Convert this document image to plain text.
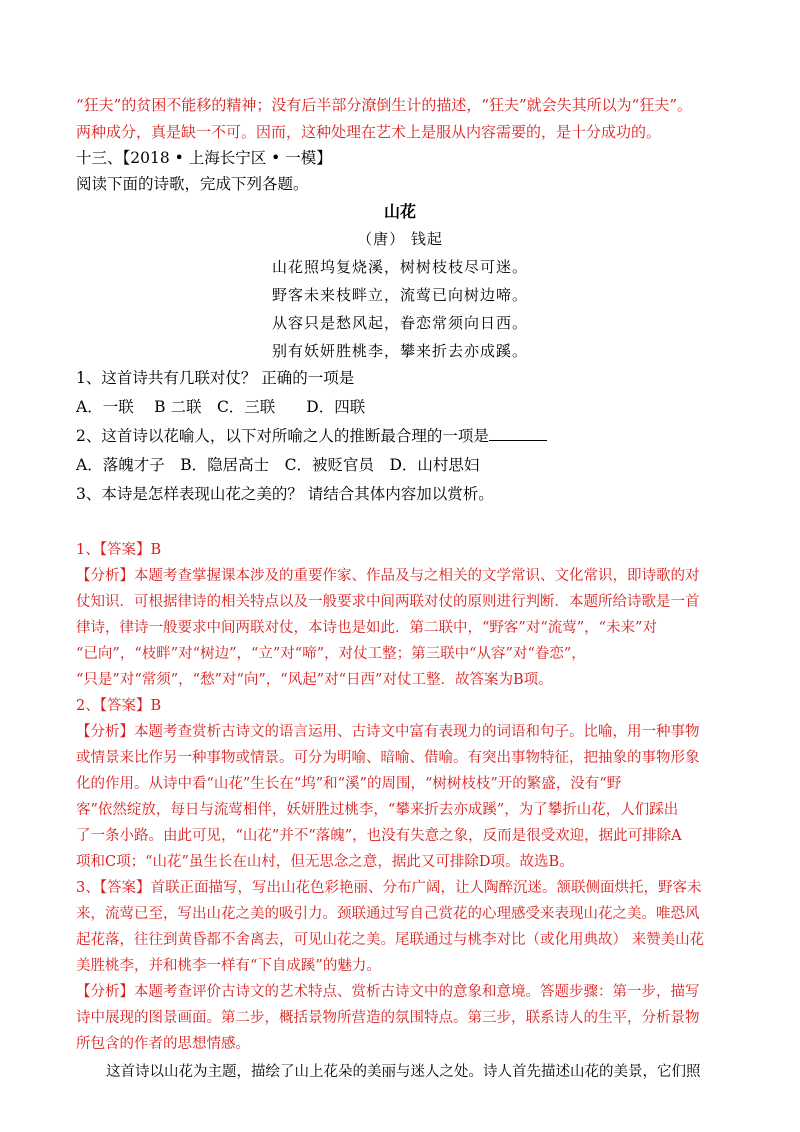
“狂夫”的贫困不能移的精神；没有后半部分潦倒生计的描述，“狂夫”就会失其所以为“狂夫”。
两种成分，真是缺一不可。因而，这种处理在艺术上是服从内容需要的，是十分成功的。
十三、【2018 • 上海长宁区 • 一模】
阅读下面的诗歌，完成下列各题。
山花
（唐） 钱起
山花照坞复烧溪，树树枝枝尽可迷。
野客未来枝畔立，流莺已向树边啼。
从容只是愁风起，眷恋常须向日西。
别有妖妍胜桃李，攀来折去亦成蹊。
1、这首诗共有几联对仗？ 正确的一项是
A．一联　 B 二联　C．三联　　D．四联
2、这首诗以花喻人，以下对所喻之人的推断最合理的一项是
A．落魄才子　B．隐居高士　C．被贬官员　D．山村思妇
3、本诗是怎样表现山花之美的？ 请结合其体内容加以赏析。
1、【答案】B
【分析】本题考查掌握课本涉及的重要作家、作品及与之相关的文学常识、文化常识，即诗歌的对
仗知识．可根据律诗的相关特点以及一般要求中间两联对仗的原则进行判断．本题所给诗歌是一首
律诗，律诗一般要求中间两联对仗，本诗也是如此．第二联中，“野客”对“流莺”，“未来”对
“已向”，“枝畔”对“树边”，“立”对“啼”，对仗工整；第三联中“从容”对“眷恋”，
“只是”对“常须”，“愁”对“向”，“风起”对“日西”对仗工整．故答案为B项。
2、【答案】B
【分析】本题考查赏析古诗文的语言运用、古诗文中富有表现力的词语和句子。比喻，用一种事物
或情景来比作另一种事物或情景。可分为明喻、暗喻、借喻。有突出事物特征，把抽象的事物形象
化的作用。从诗中看“山花”生长在“坞”和“溪”的周围，“树树枝枝”开的繁盛，没有“野
客”依然绽放，每日与流莺相伴，妖妍胜过桃李，“攀来折去亦成蹊”，为了攀折山花，人们踩出
了一条小路。由此可见，“山花”并不“落魄”，也没有失意之象，反而是很受欢迎，据此可排除A
项和C项；“山花”虽生长在山村，但无思念之意，据此又可排除D项。故选B。
3、【答案】首联正面描写，写出山花色彩艳丽、分布广阔，让人陶醉沉迷。颔联侧面烘托，野客未
来，流莺已至，写出山花之美的吸引力。颈联通过写自己赏花的心理感受来表现山花之美。唯恐风
起花落，往往到黄昏都不舍离去，可见山花之美。尾联通过与桃李对比（或化用典故） 来赞美山花
美胜桃李，并和桃李一样有“下自成蹊”的魅力。
【分析】本题考查评价古诗文的艺术特点、赏析古诗文中的意象和意境。答题步骤：第一步，描写
诗中展现的图景画面。第二步，概括景物所营造的氛围特点。第三步，联系诗人的生平，分析景物
所包含的作者的思想情感。
这首诗以山花为主题，描绘了山上花朵的美丽与迷人之处。诗人首先描述山花的美景，它们照
